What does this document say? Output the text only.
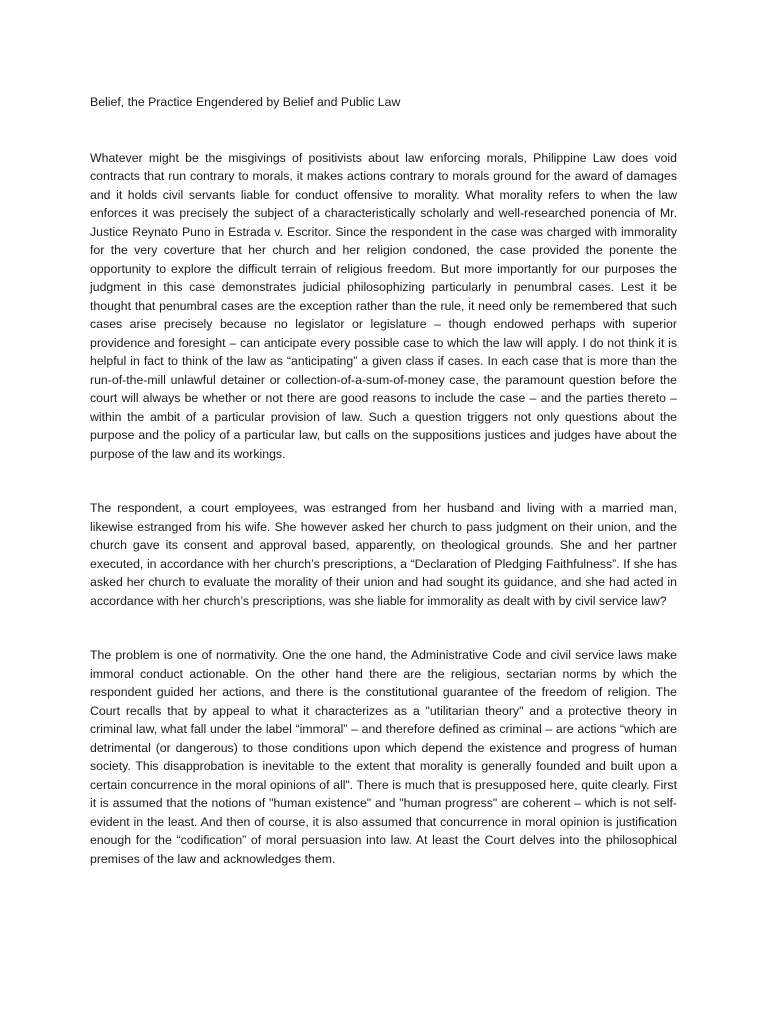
Belief, the Practice Engendered by Belief and Public Law

Whatever might be the misgivings of positivists about law enforcing morals, Philippine Law does void contracts that run contrary to morals, it makes actions contrary to morals ground for the award of damages and it holds civil servants liable for conduct offensive to morality. What morality refers to when the law enforces it was precisely the subject of a characteristically scholarly and well-researched ponencia of Mr. Justice Reynato Puno in Estrada v. Escritor. Since the respondent in the case was charged with immorality for the very coverture that her church and her religion condoned, the case provided the ponente the opportunity to explore the difficult terrain of religious freedom. But more importantly for our purposes the judgment in this case demonstrates judicial philosophizing particularly in penumbral cases. Lest it be thought that penumbral cases are the exception rather than the rule, it need only be remembered that such cases arise precisely because no legislator or legislature – though endowed perhaps with superior providence and foresight – can anticipate every possible case to which the law will apply. I do not think it is helpful in fact to think of the law as “anticipating” a given class if cases. In each case that is more than the run-of-the-mill unlawful detainer or collection-of-a-sum-of-money case, the paramount question before the court will always be whether or not there are good reasons to include the case – and the parties thereto – within the ambit of a particular provision of law. Such a question triggers not only questions about the purpose and the policy of a particular law, but calls on the suppositions justices and judges have about the purpose of the law and its workings.

The respondent, a court employees, was estranged from her husband and living with a married man, likewise estranged from his wife. She however asked her church to pass judgment on their union, and the church gave its consent and approval based, apparently, on theological grounds. She and her partner executed, in accordance with her church’s prescriptions, a “Declaration of Pledging Faithfulness”. If she has asked her church to evaluate the morality of their union and had sought its guidance, and she had acted in accordance with her church’s prescriptions, was she liable for immorality as dealt with by civil service law?

The problem is one of normativity. One the one hand, the Administrative Code and civil service laws make immoral conduct actionable. On the other hand there are the religious, sectarian norms by which the respondent guided her actions, and there is the constitutional guarantee of the freedom of religion. The Court recalls that by appeal to what it characterizes as a "utilitarian theory" and a protective theory in criminal law, what fall under the label “immoral” – and therefore defined as criminal – are actions “which are detrimental (or dangerous) to those conditions upon which depend the existence and progress of human society. This disapprobation is inevitable to the extent that morality is generally founded and built upon a certain concurrence in the moral opinions of all". There is much that is presupposed here, quite clearly. First it is assumed that the notions of "human existence" and "human progress" are coherent – which is not self-evident in the least. And then of course, it is also assumed that concurrence in moral opinion is justification enough for the “codification” of moral persuasion into law. At least the Court delves into the philosophical premises of the law and acknowledges them.
